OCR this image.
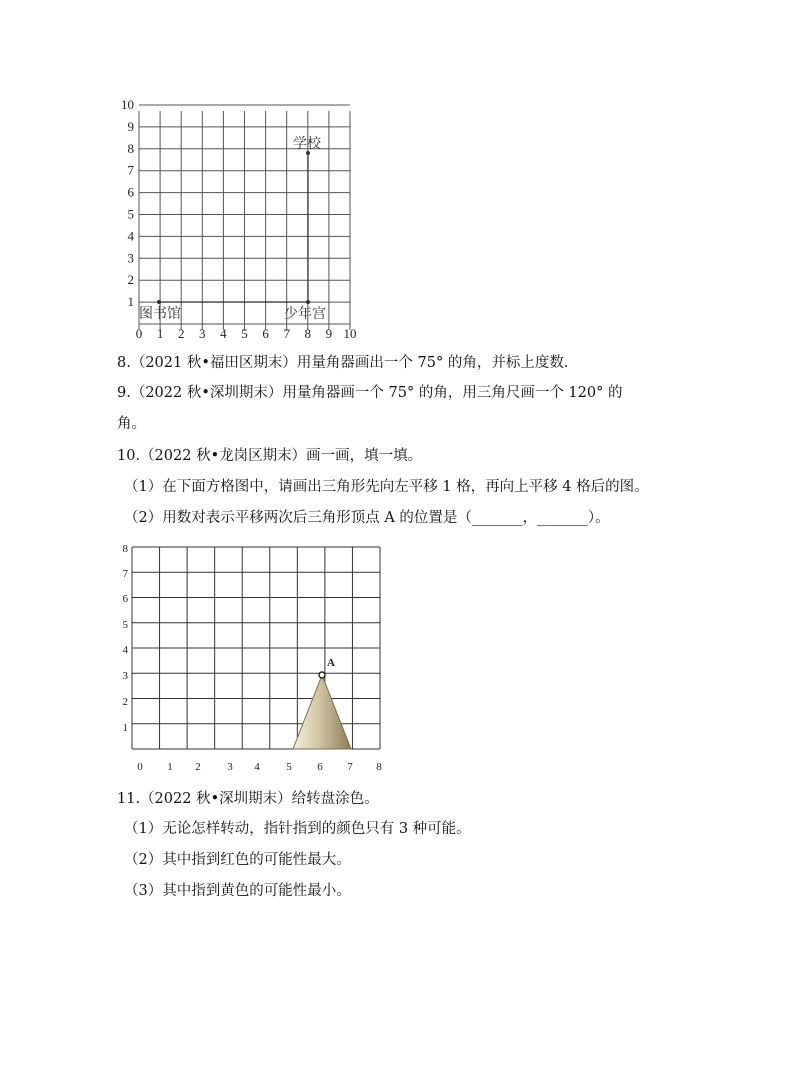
0 1 2 3 4 5 6 7 8 9 10
1
2
3
4
5
6
7
8
9
10
学校
图书馆	少年宫
A
0 1 2 3 4 5 6 7 8
1
2
3
4
5
6
7
8
8.（2021 秋•福田区期末）用量角器画出一个 75° 的角，并标上度数.
9.（2022 秋•深圳期末）用量角器画一个 75° 的角，用三角尺画一个 120° 的
角。
10.（2022 秋•龙岗区期末）画一画，填一填。
（1）在下面方格图中，请画出三角形先向左平移 1 格，再向上平移 4 格后的图。
（2）用数对表示平移两次后三角形顶点 A 的位置是（_______，_______）。
11.（2022 秋•深圳期末）给转盘涂色。
（1）无论怎样转动，指针指到的颜色只有 3 种可能。
（2）其中指到红色的可能性最大。
（3）其中指到黄色的可能性最小。
